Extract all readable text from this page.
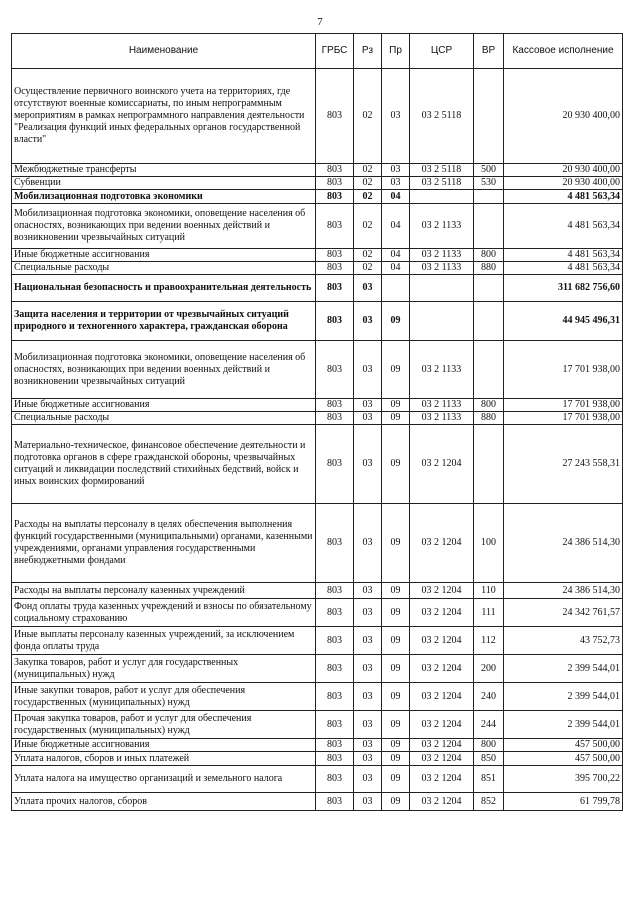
7
Наименование	ГРБС	Рз	Пр	ЦСР	ВР	Кассовое исполнение
Осуществление первичного воинского учета на территориях, где отсутствуют военные комиссариаты, по иным непрограммным мероприятиям в рамках непрограммного направления деятельности "Реализация функций иных федеральных органов государственной власти"	803	02	03	03 2 5118		20 930 400,00
Межбюджетные трансферты	803	02	03	03 2 5118	500	20 930 400,00
Субвенции	803	02	03	03 2 5118	530	20 930 400,00
Мобилизационная подготовка экономики	803	02	04			4 481 563,34
Мобилизационная подготовка экономики, оповещение населения об опасностях, возникающих при ведении военных действий и возникновении чрезвычайных ситуаций	803	02	04	03 2 1133		4 481 563,34
Иные бюджетные ассигнования	803	02	04	03 2 1133	800	4 481 563,34
Специальные расходы	803	02	04	03 2 1133	880	4 481 563,34
Национальная безопасность и правоохранительная деятельность	803	03				311 682 756,60
Защита населения и территории от чрезвычайных ситуаций природного и техногенного характера, гражданская оборона	803	03	09			44 945 496,31
Мобилизационная подготовка экономики, оповещение населения об опасностях, возникающих при ведении военных действий и возникновении чрезвычайных ситуаций	803	03	09	03 2 1133		17 701 938,00
Иные бюджетные ассигнования	803	03	09	03 2 1133	800	17 701 938,00
Специальные расходы	803	03	09	03 2 1133	880	17 701 938,00
Материально-техническое, финансовое обеспечение деятельности и подготовка органов в сфере гражданской обороны, чрезвычайных ситуаций и ликвидации последствий стихийных бедствий, войск и иных воинских формирований	803	03	09	03 2 1204		27 243 558,31
Расходы на выплаты персоналу в целях обеспечения выполнения функций государственными (муниципальными) органами, казенными учреждениями, органами управления государственными внебюджетными фондами	803	03	09	03 2 1204	100	24 386 514,30
Расходы на выплаты персоналу казенных учреждений	803	03	09	03 2 1204	110	24 386 514,30
Фонд оплаты труда казенных учреждений и взносы по обязательному социальному страхованию	803	03	09	03 2 1204	111	24 342 761,57
Иные выплаты персоналу казенных учреждений, за исключением фонда оплаты труда	803	03	09	03 2 1204	112	43 752,73
Закупка товаров, работ и услуг для государственных (муниципальных) нужд	803	03	09	03 2 1204	200	2 399 544,01
Иные закупки товаров, работ и услуг для обеспечения государственных (муниципальных) нужд	803	03	09	03 2 1204	240	2 399 544,01
Прочая закупка товаров, работ и услуг для обеспечения государственных (муниципальных) нужд	803	03	09	03 2 1204	244	2 399 544,01
Иные бюджетные ассигнования	803	03	09	03 2 1204	800	457 500,00
Уплата налогов, сборов и иных платежей	803	03	09	03 2 1204	850	457 500,00
Уплата налога на имущество организаций и земельного налога	803	03	09	03 2 1204	851	395 700,22
Уплата прочих налогов, сборов	803	03	09	03 2 1204	852	61 799,78
